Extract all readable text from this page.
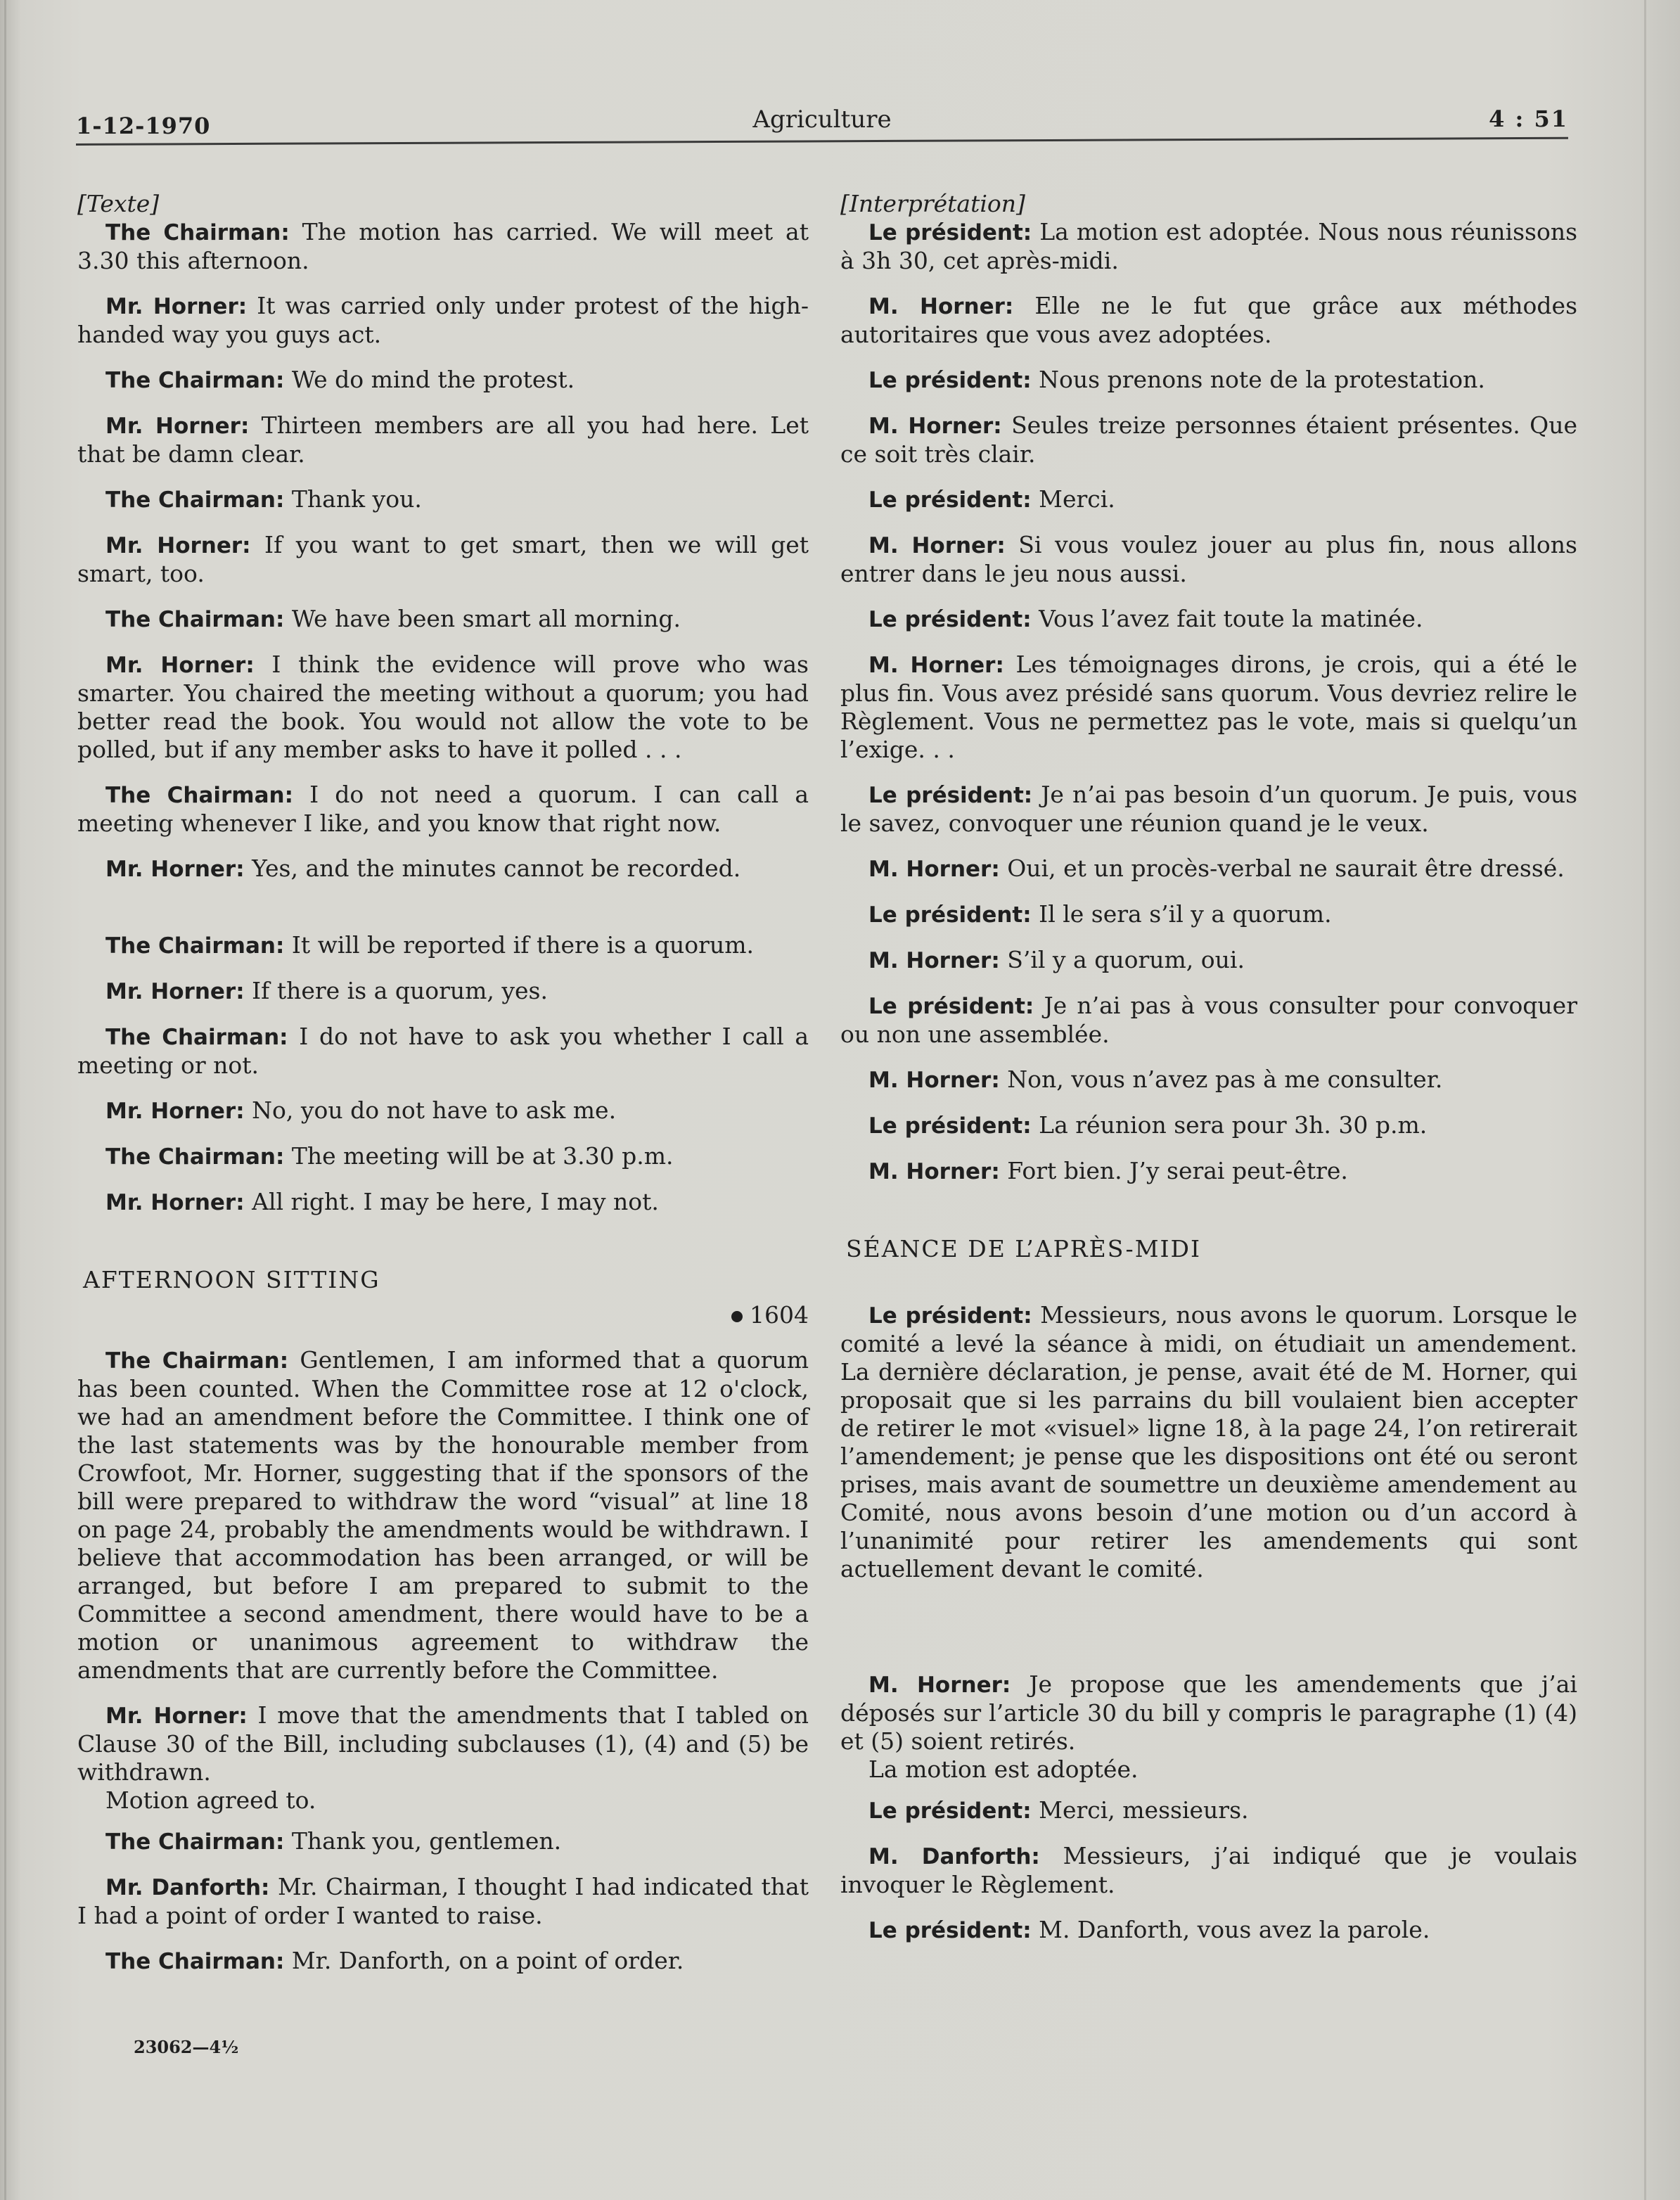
1-12-1970	Agriculture	4 : 51

[Texte]

The Chairman: The motion has carried. We will meet at 3.30 this afternoon.

Mr. Horner: It was carried only under protest of the high-handed way you guys act.

The Chairman: We do mind the protest.

Mr. Horner: Thirteen members are all you had here. Let that be damn clear.

The Chairman: Thank you.

Mr. Horner: If you want to get smart, then we will get smart, too.

The Chairman: We have been smart all morning.

Mr. Horner: I think the evidence will prove who was smarter. You chaired the meeting without a quorum; you had better read the book. You would not allow the vote to be polled, but if any member asks to have it polled . . .

The Chairman: I do not need a quorum. I can call a meeting whenever I like, and you know that right now.

Mr. Horner: Yes, and the minutes cannot be recorded.

The Chairman: It will be reported if there is a quorum.

Mr. Horner: If there is a quorum, yes.

The Chairman: I do not have to ask you whether I call a meeting or not.

Mr. Horner: No, you do not have to ask me.

The Chairman: The meeting will be at 3.30 p.m.

Mr. Horner: All right. I may be here, I may not.

AFTERNOON SITTING

1604

The Chairman: Gentlemen, I am informed that a quorum has been counted. When the Committee rose at 12 o'clock, we had an amendment before the Committee. I think one of the last statements was by the honourable member from Crowfoot, Mr. Horner, suggesting that if the sponsors of the bill were prepared to withdraw the word “visual” at line 18 on page 24, probably the amendments would be withdrawn. I believe that accommodation has been arranged, or will be arranged, but before I am prepared to submit to the Committee a second amendment, there would have to be a motion or unanimous agreement to withdraw the amendments that are currently before the Committee.

Mr. Horner: I move that the amendments that I tabled on Clause 30 of the Bill, including subclauses (1), (4) and (5) be withdrawn.

Motion agreed to.

The Chairman: Thank you, gentlemen.

Mr. Danforth: Mr. Chairman, I thought I had indicated that I had a point of order I wanted to raise.

The Chairman: Mr. Danforth, on a point of order.

[Interprétation]

Le président: La motion est adoptée. Nous nous réunissons à 3h 30, cet après-midi.

M. Horner: Elle ne le fut que grâce aux méthodes autoritaires que vous avez adoptées.

Le président: Nous prenons note de la protestation.

M. Horner: Seules treize personnes étaient présentes. Que ce soit très clair.

Le président: Merci.

M. Horner: Si vous voulez jouer au plus fin, nous allons entrer dans le jeu nous aussi.

Le président: Vous l’avez fait toute la matinée.

M. Horner: Les témoignages dirons, je crois, qui a été le plus fin. Vous avez présidé sans quorum. Vous devriez relire le Règlement. Vous ne permettez pas le vote, mais si quelqu’un l’exige. . .

Le président: Je n’ai pas besoin d’un quorum. Je puis, vous le savez, convoquer une réunion quand je le veux.

M. Horner: Oui, et un procès-verbal ne saurait être dressé.

Le président: Il le sera s’il y a quorum.

M. Horner: S’il y a quorum, oui.

Le président: Je n’ai pas à vous consulter pour convoquer ou non une assemblée.

M. Horner: Non, vous n’avez pas à me consulter.

Le président: La réunion sera pour 3h. 30 p.m.

M. Horner: Fort bien. J’y serai peut-être.

SÉANCE DE L’APRÈS-MIDI

Le président: Messieurs, nous avons le quorum. Lorsque le comité a levé la séance à midi, on étudiait un amendement. La dernière déclaration, je pense, avait été de M. Horner, qui proposait que si les parrains du bill voulaient bien accepter de retirer le mot «visuel» ligne 18, à la page 24, l’on retirerait l’amendement; je pense que les dispositions ont été ou seront prises, mais avant de soumettre un deuxième amendement au Comité, nous avons besoin d’une motion ou d’un accord à l’unanimité pour retirer les amendements qui sont actuellement devant le comité.

M. Horner: Je propose que les amendements que j’ai déposés sur l’article 30 du bill y compris le paragraphe (1) (4) et (5) soient retirés.

La motion est adoptée.

Le président: Merci, messieurs.

M. Danforth: Messieurs, j’ai indiqué que je voulais invoquer le Règlement.

Le président: M. Danforth, vous avez la parole.

23062—4½
